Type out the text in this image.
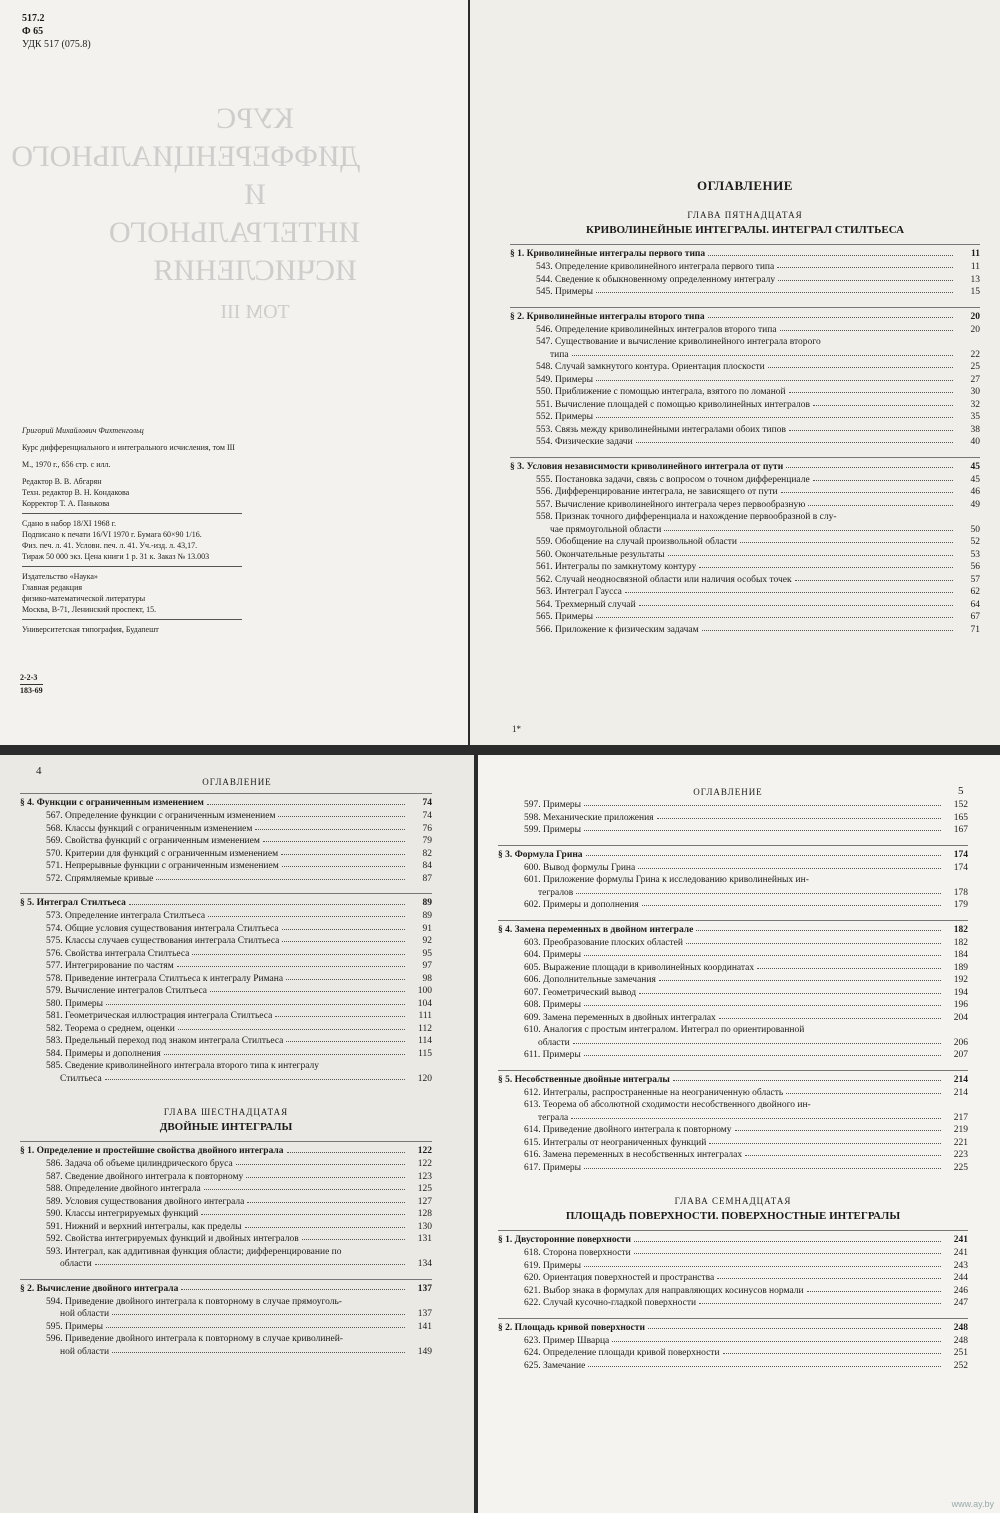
КУРС
ДИФФЕРЕНЦИАЛЬНОГО
И ИНТЕГРАЛЬНОГО
ИСЧИСЛЕНИЯ
ТОМ III
517.2
Ф 65
УДК 517 (075.8)
Григорий Михайлович Фихтенгольц
Курс дифференциального и интегрального исчисления, том III
М., 1970 г., 656 стр. с илл.
Редактор В. В. Абгарян
Техн. редактор В. Н. Кондакова
Корректор Т. А. Панькова
Сдано в набор 18/XI 1968 г.
Подписано к печати 16/VI 1970 г. Бумага 60×90 1/16.
Физ. печ. л. 41. Условн. печ. л. 41. Уч.-изд. л. 43,17.
Тираж 50 000 экз. Цена книги 1 р. 31 к. Заказ № 13.003
Издательство «Наука»
Главная редакция
физико-математической литературы
Москва, В-71, Ленинский проспект, 15.
Университетская типография, Будапешт
2-2-3
183-69
ОГЛАВЛЕНИЕ
ГЛАВА ПЯТНАДЦАТАЯ
КРИВОЛИНЕЙНЫЕ ИНТЕГРАЛЫ. ИНТЕГРАЛ СТИЛТЬЕСА
§ 1. Криволинейные интегралы первого типа	11
543. Определение криволинейного интеграла первого типа	11
544. Сведение к обыкновенному определенному интегралу	13
545. Примеры	15
§ 2. Криволинейные интегралы второго типа	20
546. Определение криволинейных интегралов второго типа	20
547. Существование и вычисление криволинейного интеграла второго
типа	22
548. Случай замкнутого контура. Ориентация плоскости	25
549. Примеры	27
550. Приближение с помощью интеграла, взятого по ломаной	30
551. Вычисление площадей с помощью криволинейных интегралов	32
552. Примеры	35
553. Связь между криволинейными интегралами обоих типов	38
554. Физические задачи	40
§ 3. Условия независимости криволинейного интеграла от пути	45
555. Постановка задачи, связь с вопросом о точном дифференциале	45
556. Дифференцирование интеграла, не зависящего от пути	46
557. Вычисление криволинейного интеграла через первообразную	49
558. Признак точного дифференциала и нахождение первообразной в слу-
чае прямоугольной области	50
559. Обобщение на случай произвольной области	52
560. Окончательные результаты	53
561. Интегралы по замкнутому контуру	56
562. Случай неодносвязной области или наличия особых точек	57
563. Интеграл Гаусса	62
564. Трехмерный случай	64
565. Примеры	67
566. Приложение к физическим задачам	71
1*
ОГЛАВЛЕНИЕ
4
§ 4. Функции с ограниченным изменением	74
567. Определение функции с ограниченным изменением	74
568. Классы функций с ограниченным изменением	76
569. Свойства функций с ограниченным изменением	79
570. Критерии для функций с ограниченным изменением	82
571. Непрерывные функции с ограниченным изменением	84
572. Спрямляемые кривые	87
§ 5. Интеграл Стилтьеса	89
573. Определение интеграла Стилтьеса	89
574. Общие условия существования интеграла Стилтьеса	91
575. Классы случаев существования интеграла Стилтьеса	92
576. Свойства интеграла Стилтьеса	95
577. Интегрирование по частям	97
578. Приведение интеграла Стилтьеса к интегралу Римана	98
579. Вычисление интегралов Стилтьеса	100
580. Примеры	104
581. Геометрическая иллюстрация интеграла Стилтьеса	111
582. Теорема о среднем, оценки	112
583. Предельный переход под знаком интеграла Стилтьеса	114
584. Примеры и дополнения	115
585. Сведение криволинейного интеграла второго типа к интегралу
Стилтьеса	120
ГЛАВА ШЕСТНАДЦАТАЯ
ДВОЙНЫЕ ИНТЕГРАЛЫ
§ 1. Определение и простейшие свойства двойного интеграла	122
586. Задача об объеме цилиндрического бруса	122
587. Сведение двойного интеграла к повторному	123
588. Определение двойного интеграла	125
589. Условия существования двойного интеграла	127
590. Классы интегрируемых функций	128
591. Нижний и верхний интегралы, как пределы	130
592. Свойства интегрируемых функций и двойных интегралов	131
593. Интеграл, как аддитивная функция области; дифференцирование по
области	134
§ 2. Вычисление двойного интеграла	137
594. Приведение двойного интеграла к повторному в случае прямоуголь-
ной области	137
595. Примеры	141
596. Приведение двойного интеграла к повторному в случае криволиней-
ной области	149
ОГЛАВЛЕНИЕ	5
597. Примеры	152
598. Механические приложения	165
599. Примеры	167
§ 3. Формула Грина	174
600. Вывод формулы Грина	174
601. Приложение формулы Грина к исследованию криволинейных ин-
тегралов	178
602. Примеры и дополнения	179
§ 4. Замена переменных в двойном интеграле	182
603. Преобразование плоских областей	182
604. Примеры	184
605. Выражение площади в криволинейных координатах	189
606. Дополнительные замечания	192
607. Геометрический вывод	194
608. Примеры	196
609. Замена переменных в двойных интегралах	204
610. Аналогия с простым интегралом. Интеграл по ориентированной
области	206
611. Примеры	207
§ 5. Несобственные двойные интегралы	214
612. Интегралы, распространенные на неограниченную область	214
613. Теорема об абсолютной сходимости несобственного двойного ин-
теграла	217
614. Приведение двойного интеграла к повторному	219
615. Интегралы от неограниченных функций	221
616. Замена переменных в несобственных интегралах	223
617. Примеры	225
ГЛАВА СЕМНАДЦАТАЯ
ПЛОЩАДЬ ПОВЕРХНОСТИ. ПОВЕРХНОСТНЫЕ ИНТЕГРАЛЫ
§ 1. Двусторонние поверхности	241
618. Сторона поверхности	241
619. Примеры	243
620. Ориентация поверхностей и пространства	244
621. Выбор знака в формулах для направляющих косинусов нормали	246
622. Случай кусочно-гладкой поверхности	247
§ 2. Площадь кривой поверхности	248
623. Пример Шварца	248
624. Определение площади кривой поверхности	251
625. Замечание	252
www.ay.by
